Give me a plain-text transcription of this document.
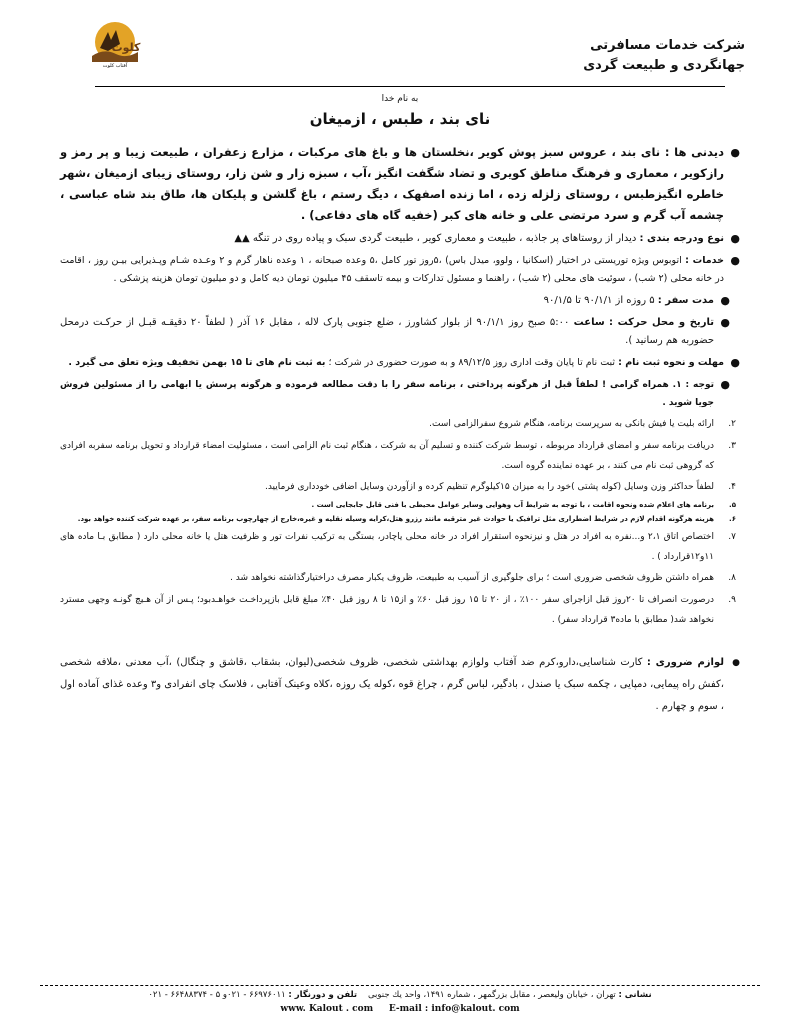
شرکت خدمات مسافرتی
جهانگردی و طبیعت گردی
کلوت
آفتاب کلوت
به نام خدا
نای بند ، طبس ، ازمیغان

●
دیدنی ها : نای بند ، عروس سبز پوش کویر ،نخلستان ها و باغ های مرکبات ، مزارع زعفران ، طبیعت زیبا و پر رمز و رازکویر ، معماری و فرهنگ مناطق کویری و تضاد شگفت انگیز ،آب ، سبزه زار و شن زار، روستای زیبای ازمیغان ،شهر خاطره انگیزطبس ، روستای زلزله زده ، اما زنده اصفهک ، دیگ رستم ، باغ گلشن و پلیکان ها، طاق بند شاه عباسی ، چشمه آب گرم و سرد مرتضی علی و خانه های کبر (خفیه گاه های دفاعی) .

●
نوع ودرجه بندی : دیدار از روستاهای پر جاذبه ، طبیعت و معماری کویر ، طبیعت گردی سبک و پیاده روی در تنگه ▲▲

●
خدمات : اتوبوس ویژه توریستی در اختیار (اسکانیا ، ولوو، میدل باس) ،۵روز تور کامل ،۵ وعده صبحانه ، ۱ وعده ناهار گرم و ۲ وعـده شـام وپـذیرایی بیـن روز ، اقامت در خانه محلی (۲ شب) ، سوئیت های محلی (۲ شب) ، راهنما و مسئول تدارکات و بیمه تاسقف ۴۵ میلیون تومان دیه کامل و دو میلیون تومان هزینه پزشکی .

●
مدت سفر : ۵ روزه از ۹۰/۱/۱ تا ۹۰/۱/۵

●
تاریخ و محل حرکت : ساعت ۵:۰۰ صبح روز ۹۰/۱/۱ از بلوار کشاورز ، ضلع جنوبی پارک لاله ، مقابل ۱۶ آذر ( لطفاً ۲۰ دقیقـه قبـل از حرکـت درمحل حضوربه هم رسانید ).

●
مهلت و نحوه ثبت نام : ثبت نام تا پایان وقت اداری روز ۸۹/۱۲/۵ و به صورت حضوری در شرکت ؛ به ثبت نام های تا ۱۵ بهمن تخفیف ویژه تعلق می گیرد .

●
توجه : ۱. همراه گرامی ! لطفاً قبل از هرگونه پرداختی ، برنامه سفر را با دقت مطالعه فرموده و هرگونه پرسش یا ابهامی را از مسئولین فروش جویا شوید .

۲.
ارائه بلیت یا فیش بانکی به سرپرست برنامه، هنگام شروع سفرالزامی است.

۳.
دریافت برنامه سفر و امضای قرارداد مربوطه ، توسط شرکت کننده و تسلیم آن به شرکت ، هنگام ثبت نام الزامی است ، مسئولیت امضاء قرارداد و تحویل برنامه سفربه افرادی که گروهی ثبت نام می کنند ، بر عهده نماینده گروه است.

۴.
لطفاً حداکثر وزن وسایل (کوله پشتی )خود را به میزان ۱۵کیلوگرم تنظیم کرده و ازآوردن وسایل اضافی خودداری فرمایید.

۵.
برنامه های اعلام شده ونحوه اقامت ، با توجه به شرایط آب وهوایی وسایر عوامل محیطی با فنی قابل جابجایی است .

۶.
هزینه هرگونه اقدام لازم در شرایط اضطراری مثل ترافیک یا حوادث غیر مترقبه مانند رزرو هتل،کرایه وسیله نقلیه و غیره،خارج از چهارچوب برنامه سفر، بر عهده شرکت کننده خواهد بود.

۷.
اختصاص اتاق ۲،۱ و...نفره به افراد در هتل و نیزنحوه استقرار افراد در خانه محلی یاچادر، بستگی به ترکیب نفرات تور و ظرفیت هتل یا خانه محلی دارد ( مطابق بـا ماده های ۱۱و۱۲قرارداد ) .

۸.
همراه داشتن ظروف شخصی ضروری است ؛ برای جلوگیری از آسیب به طبیعت، ظروف یکبار مصرف دراختیارگذاشته نخواهد شد .

۹.
درصورت انصراف تا ۲۰روز قبل ازاجرای سفر ۱۰۰٪ ، از ۲۰ تا ۱۵ روز قبل ۶۰٪ و از۱۵ تا ۸ روز قبل ۴۰٪ مبلغ قابل بازپرداخـت خواهـدبود؛ پـس از آن هـیچ گونـه وجهی مسترد نخواهد شد( مطابق با ماده۳ قرارداد سفر) .

●
لوازم ضروری : کارت شناسایی،دارو،کرم ضد آفتاب ولوازم بهداشتی شخصی، ظروف شخصی(لیوان، بشقاب ،قاشق و چنگال) ،آب معدنی ،ملافه شخصی ،کفش راه پیمایی، دمپایی ، چکمه سبک یا صندل ، بادگیر، لباس گرم ، چراغ قوه ،کوله یک روزه ،کلاه وعینک آفتابی ، فلاسک چای انفرادی و۳ وعده غذای آماده اول ، سوم و چهارم .

نشانی : تهران ، خیابان ولیعصر ، مقابل بزرگمهر ، شماره ۱۴۹۱، واحد یك جنوبی    تلفن و دورنگار : ۶۶۹۷۶۰۱۱ - ۰۲۱و ۵ - ۶۶۴۸۸۳۷۴ - ۰۲۱
www. Kalout . com E-mail : info@kalout. com
